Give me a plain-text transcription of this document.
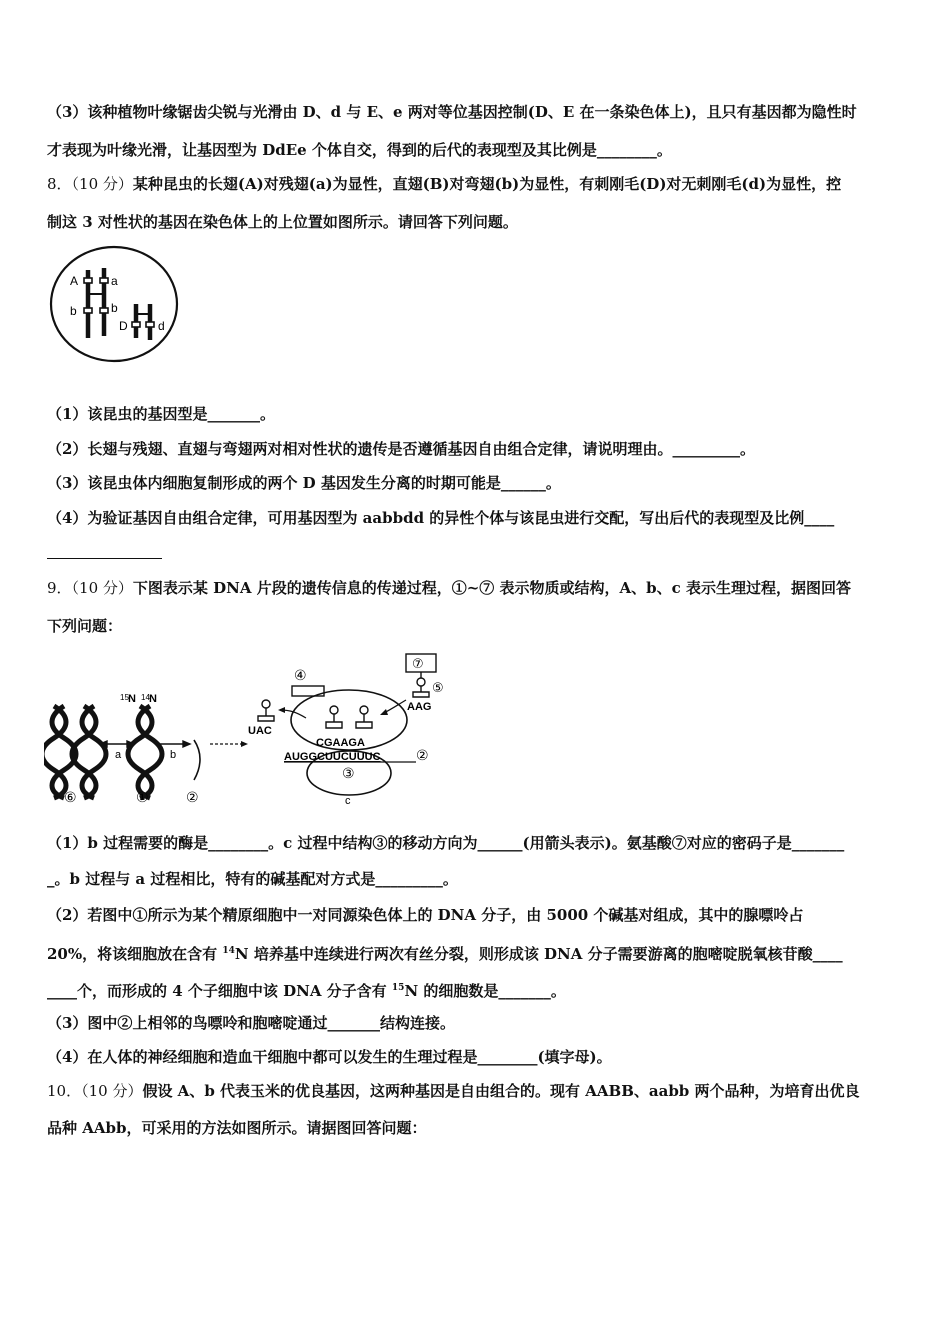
（3）该种植物叶缘锯齿尖锐与光滑由 D、d 与 E、e 两对等位基因控制(D、E 在一条染色体上)，且只有基因都为隐性时
才表现为叶缘光滑，让基因型为 DdEe 个体自交，得到的后代的表现型及其比例是________。
8．（10 分）某种昆虫的长翅(A)对残翅(a)为显性，直翅(B)对弯翅(b)为显性，有刺刚毛(D)对无刺刚毛(d)为显性，控
制这 3 对性状的基因在染色体上的上位置如图所示。请回答下列问题。
A	a
b	b
D	d
（1）该昆虫的基因型是_______。
（2）长翅与残翅、直翅与弯翅两对相对性状的遗传是否遵循基因自由组合定律，请说明理由。_________。
（3）该昆虫体内细胞复制形成的两个 D 基因发生分离的时期可能是______。
（4）为验证基因自由组合定律，可用基因型为 aabbdd 的异性个体与该昆虫进行交配，写出后代的表现型及比例____
9．（10 分）下图表示某 DNA 片段的遗传信息的传递过程，①~⑦ 表示物质或结构，A、b、c 表示生理过程，据图回答
下列问题：
a	b
15 N 14 N
⑥	①	②
④
UAC
⑦
⑤
AAG
CGAAGA
AUGGCUUCUUUC	②
③
c
（1）b 过程需要的酶是________。c 过程中结构③的移动方向为______(用箭头表示)。氨基酸⑦对应的密码子是_______
_。b 过程与 a 过程相比，特有的碱基配对方式是_________。
（2）若图中①所示为某个精原细胞中一对同源染色体上的 DNA 分子，由 5000 个碱基对组成，其中的腺嘌呤占
20%，将该细胞放在含有 $^{14}$N 培养基中连续进行两次有丝分裂，则形成该 DNA 分子需要游离的胞嘧啶脱氧核苷酸____
____个，而形成的 4 个子细胞中该 DNA 分子含有 $^{15}$N 的细胞数是_______。
（3）图中②上相邻的鸟嘌呤和胞嘧啶通过_______结构连接。
（4）在人体的神经细胞和造血干细胞中都可以发生的生理过程是________(填字母)。
10．（10 分）假设 A、b 代表玉米的优良基因，这两种基因是自由组合的。现有 AABB、aabb 两个品种，为培育出优良
品种 AAbb，可采用的方法如图所示。请据图回答问题：
